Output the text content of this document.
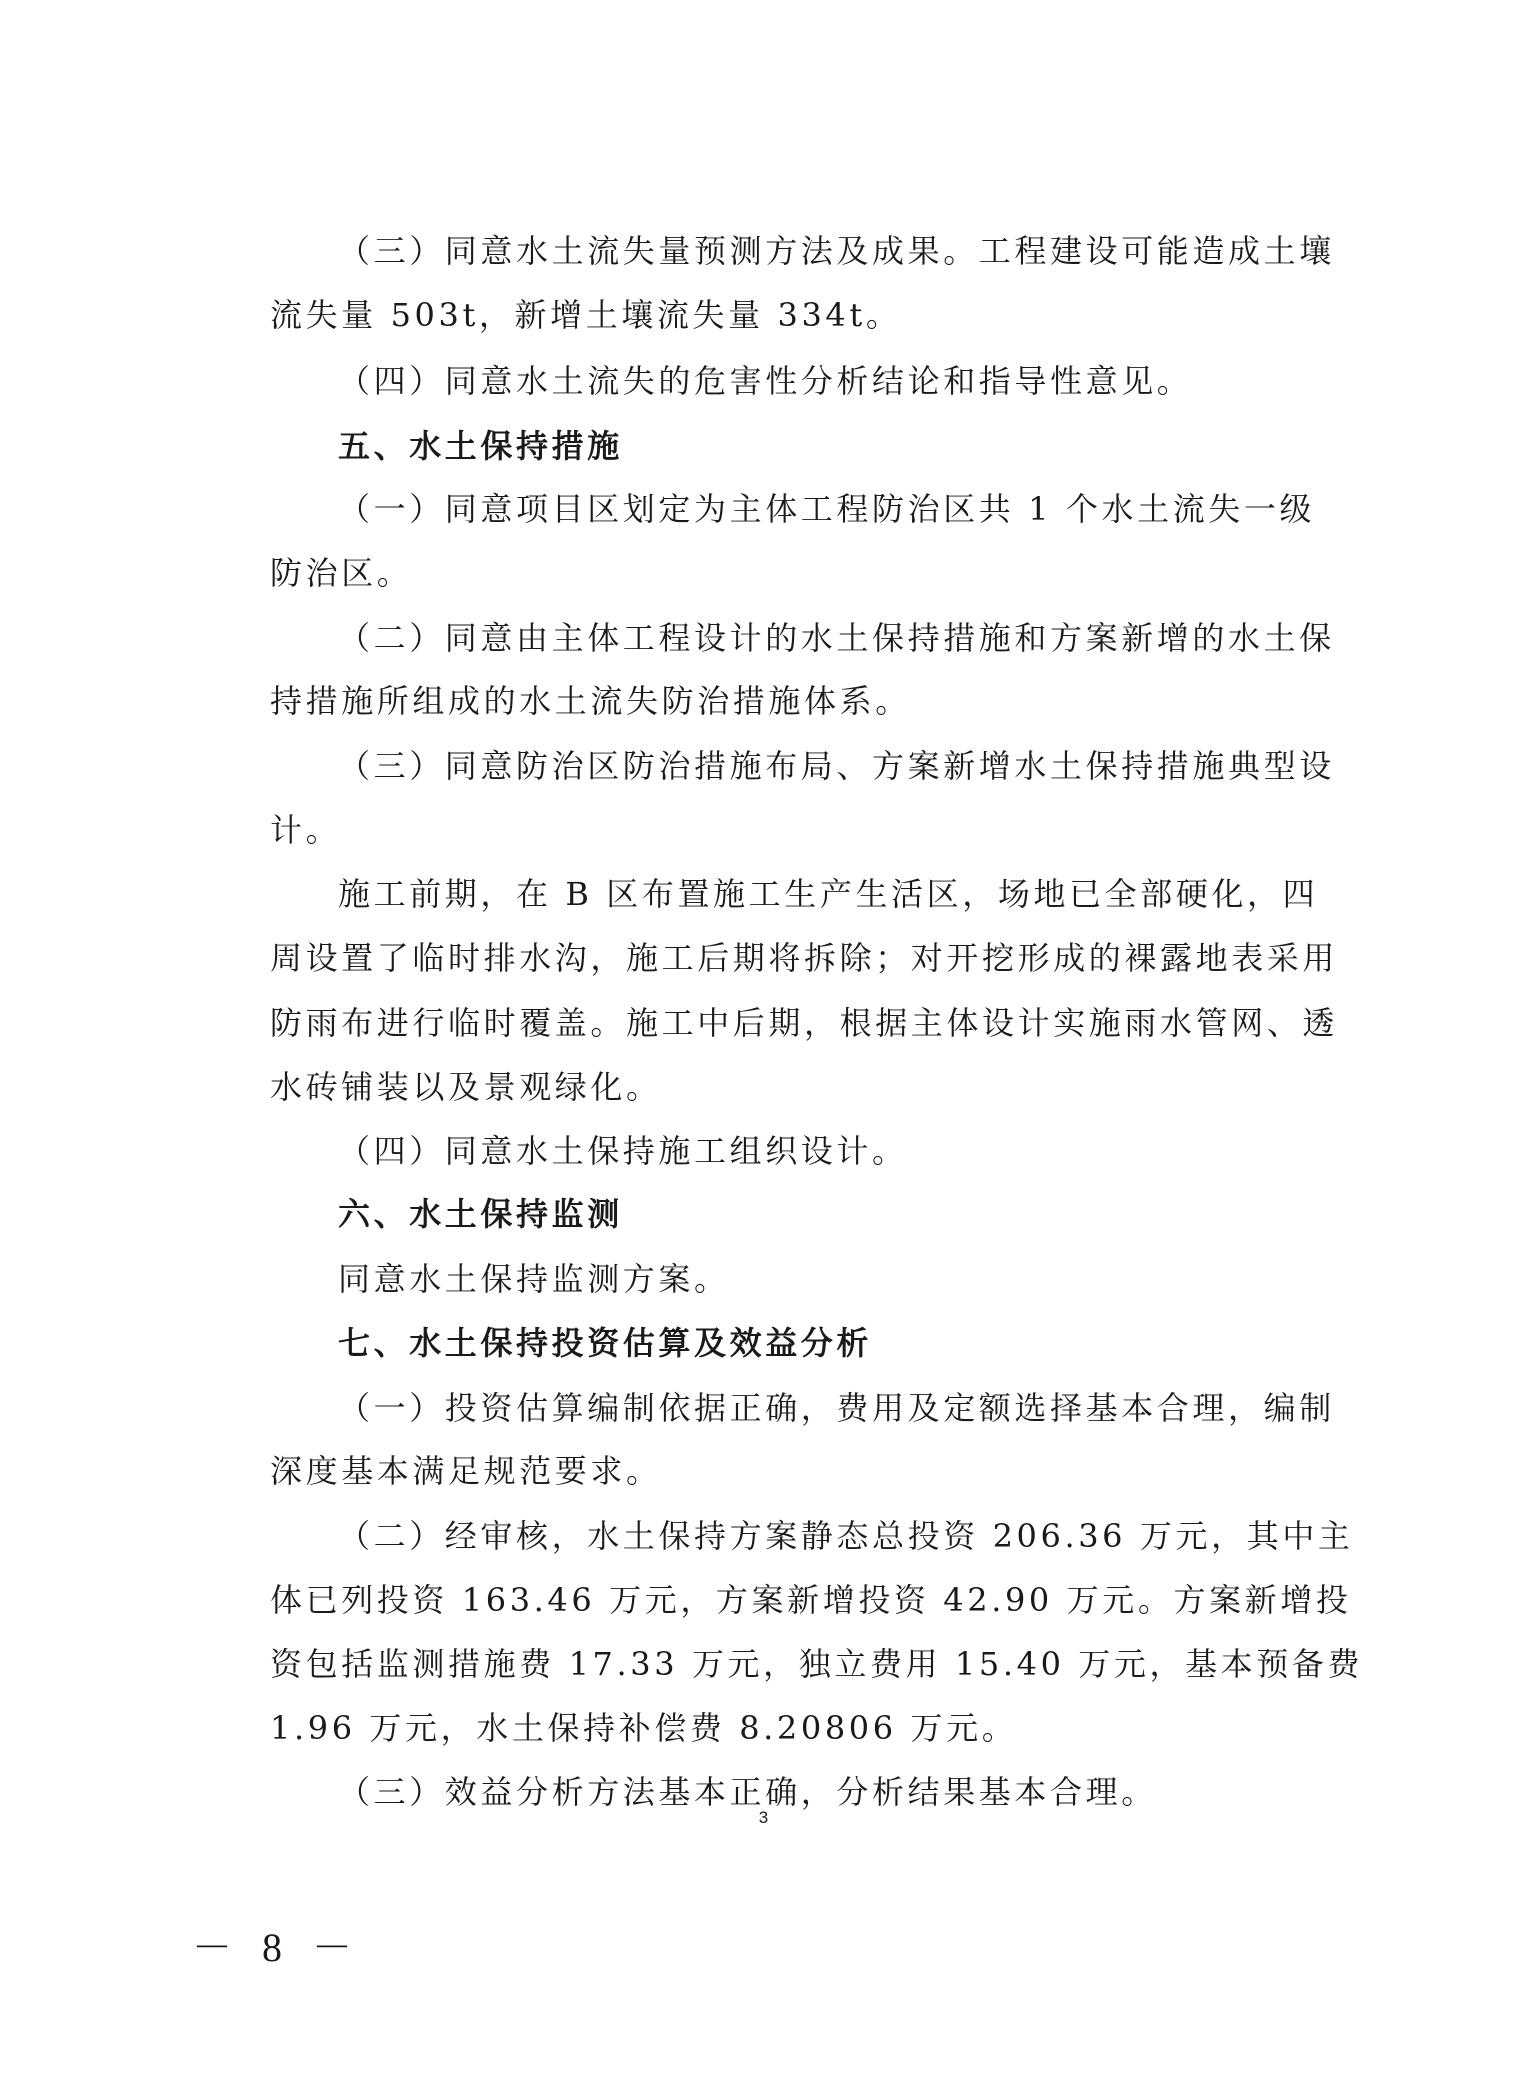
（三）同意水土流失量预测方法及成果。工程建设可能造成土壤
流失量 503t，新增土壤流失量 334t。
（四）同意水土流失的危害性分析结论和指导性意见。
五、水土保持措施
（一）同意项目区划定为主体工程防治区共 1 个水土流失一级
防治区。
（二）同意由主体工程设计的水土保持措施和方案新增的水土保
持措施所组成的水土流失防治措施体系。
（三）同意防治区防治措施布局、方案新增水土保持措施典型设
计。
施工前期，在 B 区布置施工生产生活区，场地已全部硬化，四
周设置了临时排水沟，施工后期将拆除；对开挖形成的裸露地表采用
防雨布进行临时覆盖。施工中后期，根据主体设计实施雨水管网、透
水砖铺装以及景观绿化。
（四）同意水土保持施工组织设计。
六、水土保持监测
同意水土保持监测方案。
七、水土保持投资估算及效益分析
（一）投资估算编制依据正确，费用及定额选择基本合理，编制
深度基本满足规范要求。
（二）经审核，水土保持方案静态总投资 206.36 万元，其中主
体已列投资 163.46 万元，方案新增投资 42.90 万元。方案新增投
资包括监测措施费 17.33 万元，独立费用 15.40 万元，基本预备费
1.96 万元，水土保持补偿费 8.20806 万元。
（三）效益分析方法基本正确，分析结果基本合理。
3
－ 8 －
